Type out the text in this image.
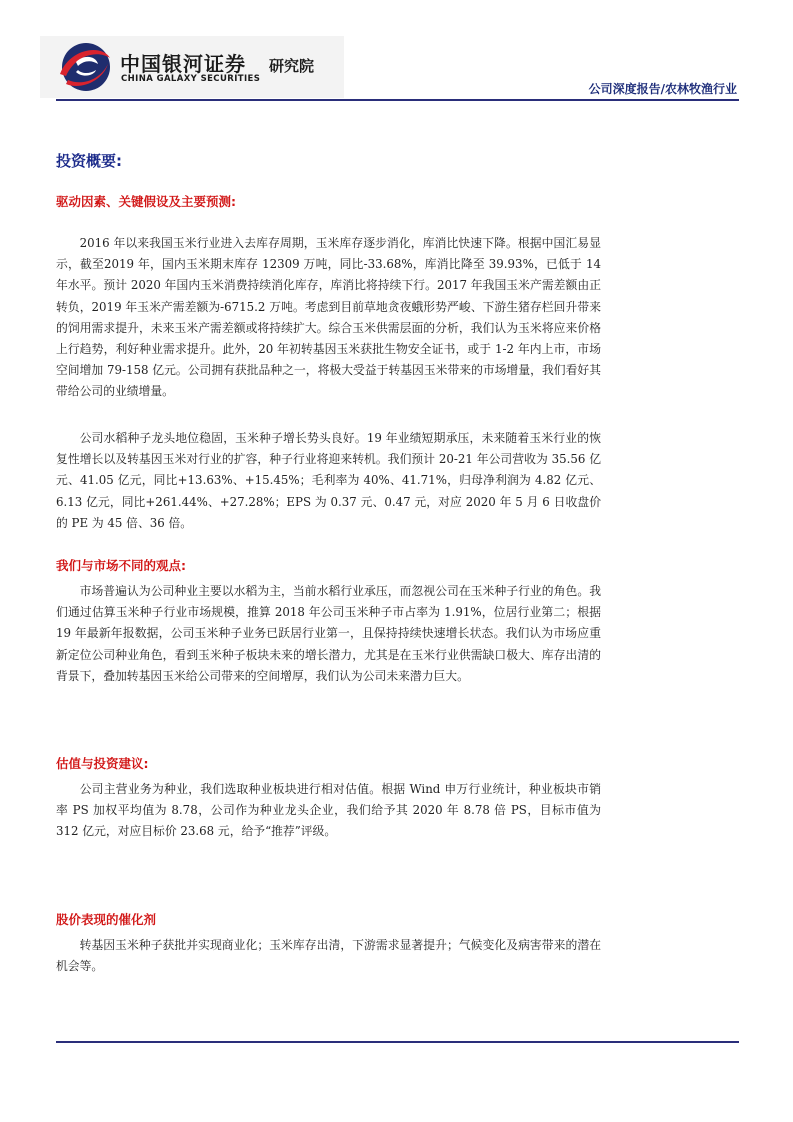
中国银河证券
CHINA GALAXY SECURITIES
研究院
公司深度报告/农林牧渔行业
投资概要:
驱动因素、关键假设及主要预测:

2016 年以来我国玉米行业进入去库存周期，玉米库存逐步消化，库消比快速下降。根据中国汇易显示，截至2019 年，国内玉米期末库存 12309 万吨，同比-33.68%，库消比降至 39.93%，已低于 14 年水平。预计 2020 年国内玉米消费持续消化库存，库消比将持续下行。2017 年我国玉米产需差额由正转负，2019 年玉米产需差额为-6715.2 万吨。考虑到目前草地贪夜蛾形势严峻、下游生猪存栏回升带来的饲用需求提升，未来玉米产需差额或将持续扩大。综合玉米供需层面的分析，我们认为玉米将应来价格上行趋势，利好种业需求提升。此外，20 年初转基因玉米获批生物安全证书，或于 1-2 年内上市，市场空间增加 79-158 亿元。公司拥有获批品种之一，将极大受益于转基因玉米带来的市场增量，我们看好其带给公司的业绩增量。

公司水稻种子龙头地位稳固，玉米种子增长势头良好。19 年业绩短期承压，未来随着玉米行业的恢复性增长以及转基因玉米对行业的扩容，种子行业将迎来转机。我们预计 20-21 年公司营收为 35.56 亿元、41.05 亿元，同比+13.63%、+15.45%；毛利率为 40%、41.71%，归母净利润为 4.82 亿元、6.13 亿元，同比+261.44%、+27.28%；EPS 为 0.37 元、0.47 元，对应 2020 年 5 月 6 日收盘价的 PE 为 45 倍、36 倍。

我们与市场不同的观点:

市场普遍认为公司种业主要以水稻为主，当前水稻行业承压，而忽视公司在玉米种子行业的角色。我们通过估算玉米种子行业市场规模，推算 2018 年公司玉米种子市占率为 1.91%，位居行业第二；根据 19 年最新年报数据，公司玉米种子业务已跃居行业第一，且保持持续快速增长状态。我们认为市场应重新定位公司种业角色，看到玉米种子板块未来的增长潜力，尤其是在玉米行业供需缺口极大、库存出清的背景下，叠加转基因玉米给公司带来的空间增厚，我们认为公司未来潜力巨大。

估值与投资建议:

公司主营业务为种业，我们选取种业板块进行相对估值。根据 Wind 申万行业统计，种业板块市销率 PS 加权平均值为 8.78，公司作为种业龙头企业，我们给予其 2020 年 8.78 倍 PS，目标市值为 312 亿元，对应目标价 23.68 元，给予“推荐”评级。

股价表现的催化剂

转基因玉米种子获批并实现商业化；玉米库存出清，下游需求显著提升；气候变化及病害带来的潜在机会等。
